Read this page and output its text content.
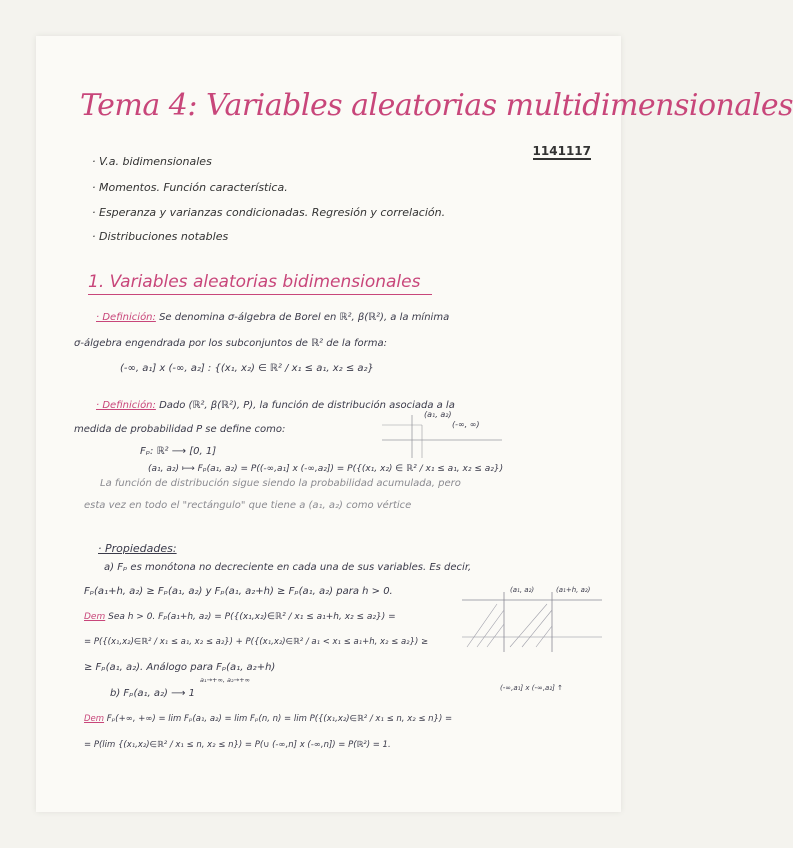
Tema 4: Variables aleatorias multidimensionales
1141117
· V.a. bidimensionales
· Momentos. Función característica.
· Esperanza y varianzas condicionadas. Regresión y correlación.
· Distribuciones notables
1. Variables aleatorias bidimensionales
· Definición: Se denomina σ-álgebra de Borel en ℝ², β(ℝ²), a la mínima
σ-álgebra engendrada por los subconjuntos de ℝ² de la forma:
(-∞, a₁] x (-∞, a₂] : {(x₁, x₂) ∈ ℝ² / x₁ ≤ a₁, x₂ ≤ a₂}
· Definición: Dado (ℝ², β(ℝ²), P), la función de distribución asociada a la
medida de probabilidad P se define como:
(a₁, a₂)
(-∞, ∞)
Fₚ: ℝ² ⟶ [0, 1]
(a₁, a₂) ⟼ Fₚ(a₁, a₂) = P((-∞,a₁] x (-∞,a₂]) = P({(x₁, x₂) ∈ ℝ² / x₁ ≤ a₁, x₂ ≤ a₂})
La función de distribución sigue siendo la probabilidad acumulada, pero
esta vez en todo el "rectángulo" que tiene a (a₁, a₂) como vértice
· Propiedades:
a) Fₚ es monótona no decreciente en cada una de sus variables. Es decir,
Fₚ(a₁+h, a₂) ≥ Fₚ(a₁, a₂) y Fₚ(a₁, a₂+h) ≥ Fₚ(a₁, a₂) para h > 0.
Dem Sea h > 0. Fₚ(a₁+h, a₂) = P({(x₁,x₂)∈ℝ² / x₁ ≤ a₁+h, x₂ ≤ a₂}) =
= P({(x₁,x₂)∈ℝ² / x₁ ≤ a₁, x₂ ≤ a₂}) + P({(x₁,x₂)∈ℝ² / a₁ < x₁ ≤ a₁+h, x₂ ≤ a₂}) ≥
≥ Fₚ(a₁, a₂). Análogo para Fₚ(a₁, a₂+h)
b) Fₚ(a₁, a₂) ⟶ 1
a₁→+∞, a₂→+∞
Dem Fₚ(+∞, +∞) = lim Fₚ(a₁, a₂) = lim Fₚ(n, n) = lim P({(x₁,x₂)∈ℝ² / x₁ ≤ n, x₂ ≤ n}) =
= P(lim {(x₁,x₂)∈ℝ² / x₁ ≤ n, x₂ ≤ n}) = P(∪ (-∞,n] x (-∞,n]) = P(ℝ²) = 1.
(a₁, a₂)	(a₁+h, a₂)
(-∞,a₁] x (-∞,a₂] ↑
